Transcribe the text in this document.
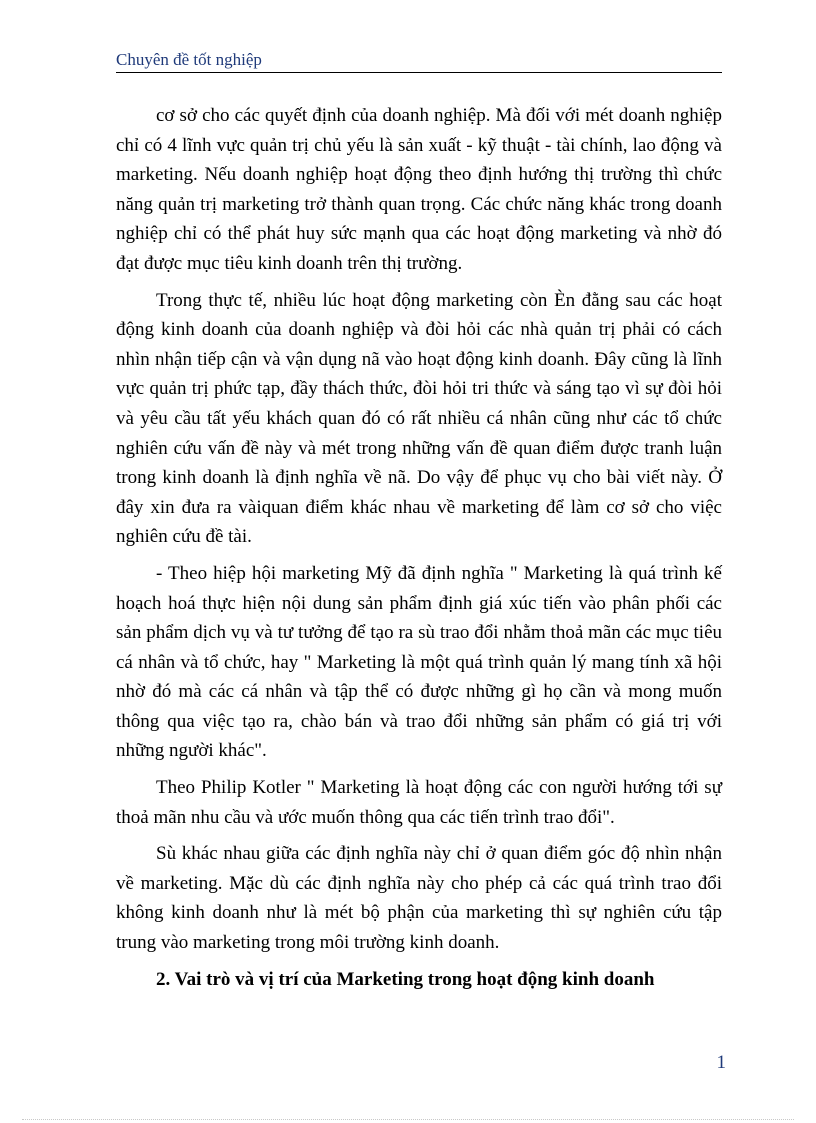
Chuyên đề tốt nghiệp

cơ sở cho các quyết định của doanh nghiệp. Mà đối với mét doanh nghiệp chỉ có 4 lĩnh vực quản trị chủ yếu là sản xuất - kỹ thuật - tài chính, lao động và marketing. Nếu doanh nghiệp hoạt động theo định hướng thị trường thì chức năng quản trị marketing trở thành quan trọng. Các chức năng khác trong doanh nghiệp chỉ có thể phát huy sức mạnh qua các hoạt động marketing và nhờ đó đạt được mục tiêu kinh doanh trên thị trường.

Trong thực tế, nhiều lúc hoạt động marketing còn Èn đằng sau các hoạt động kinh doanh của doanh nghiệp và đòi hỏi các nhà quản trị phải có cách nhìn nhận tiếp cận và vận dụng nã vào hoạt động kinh doanh. Đây cũng là lĩnh vực quản trị phức tạp, đầy thách thức, đòi hỏi tri thức và sáng tạo vì sự đòi hỏi và yêu cầu tất yếu khách quan đó có rất nhiều cá nhân cũng như các tổ chức nghiên cứu vấn đề này và mét trong những vấn đề quan điểm được tranh luận trong kinh doanh là định nghĩa về nã. Do vậy để phục vụ cho bài viết này. Ở đây xin đưa ra vàiquan điểm khác nhau về marketing để làm cơ sở cho việc nghiên cứu đề tài.

- Theo hiệp hội marketing Mỹ đã định nghĩa " Marketing là quá trình kế hoạch hoá thực hiện nội dung sản phẩm định giá xúc tiến vào phân phối các sản phẩm dịch vụ và tư tưởng để tạo ra sù trao đổi nhằm thoả mãn các mục tiêu cá nhân và tổ chức, hay " Marketing là một quá trình quản lý mang tính xã hội nhờ đó mà các cá nhân và tập thể có được những gì họ cần và mong muốn thông qua việc tạo ra, chào bán và trao đổi những sản phẩm có giá trị với những người khác".

Theo Philip Kotler " Marketing là hoạt động các con người hướng tới sự thoả mãn nhu cầu và ước muốn thông qua các tiến trình trao đổi".

Sù khác nhau giữa các định nghĩa này chỉ ở quan điểm góc độ nhìn nhận về marketing. Mặc dù các định nghĩa này cho phép cả các quá trình trao đổi không kinh doanh như là mét bộ phận của marketing thì sự nghiên cứu tập trung vào marketing trong môi trường kinh doanh.

2. Vai trò và vị trí của Marketing trong hoạt động kinh doanh

1
